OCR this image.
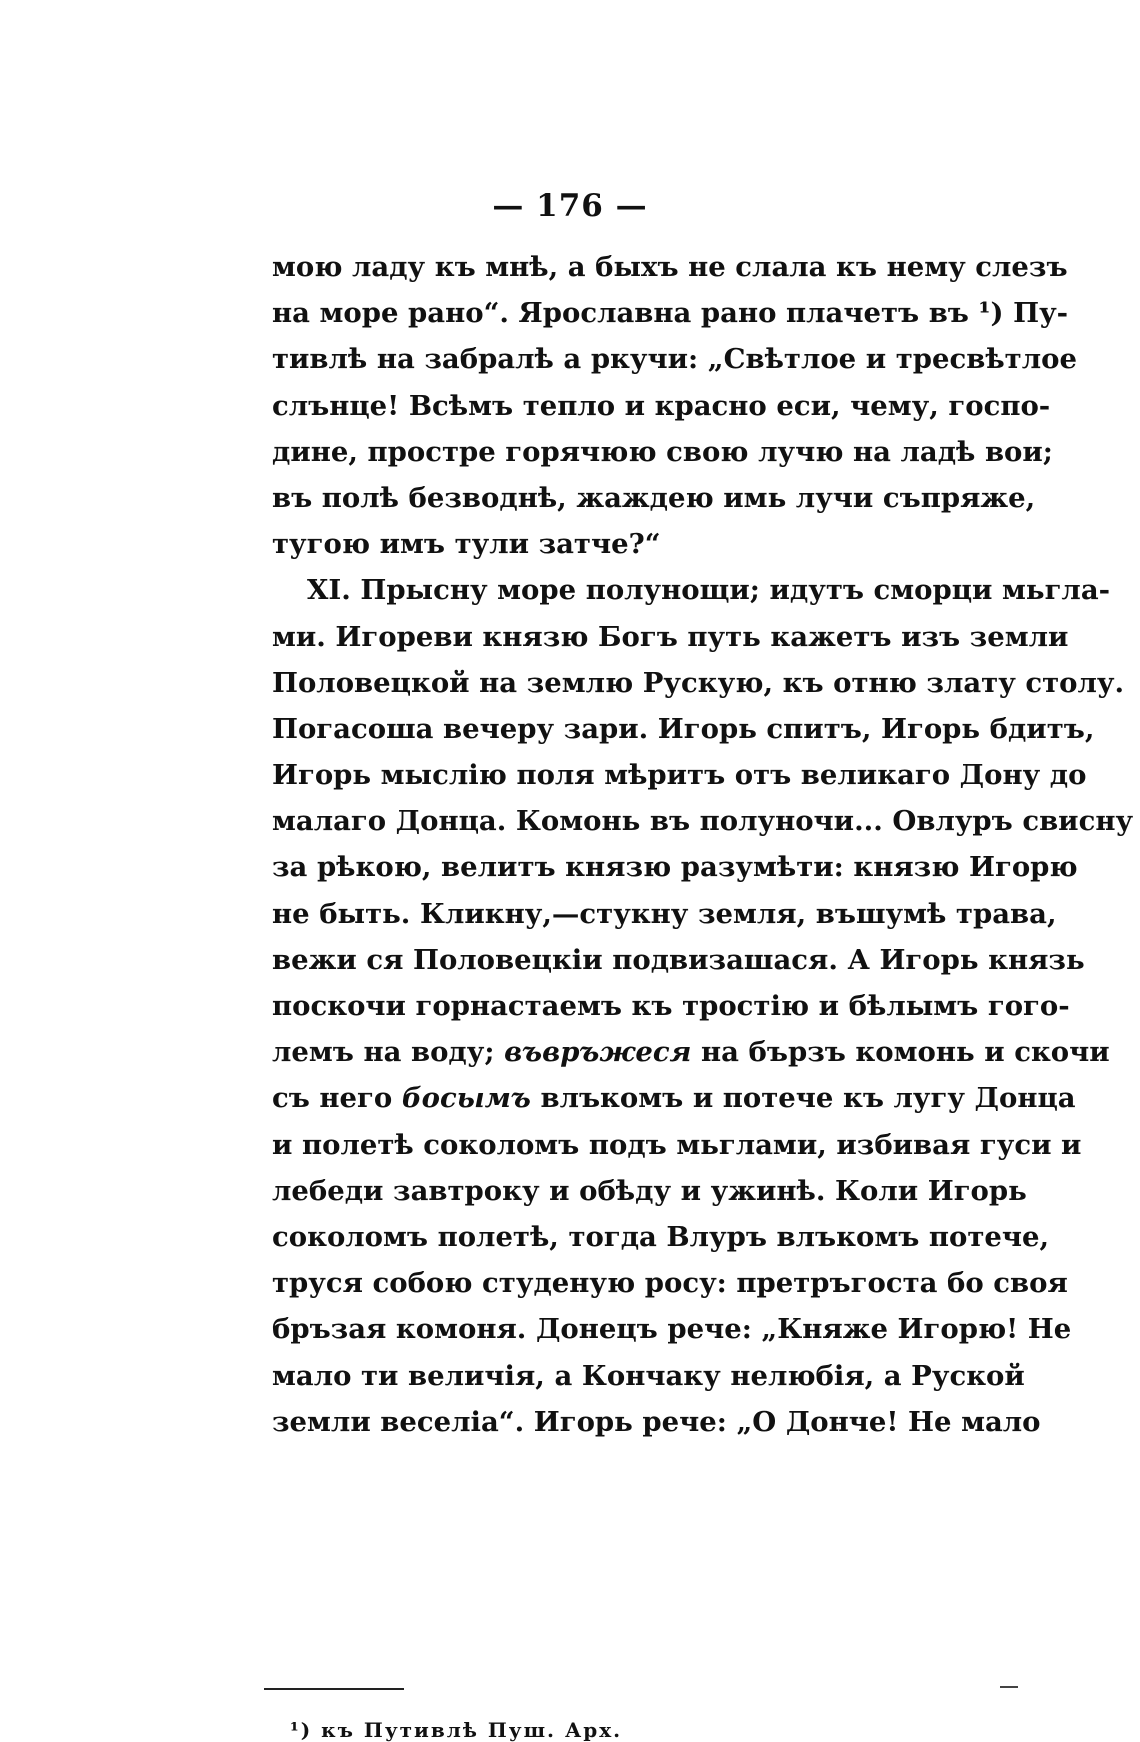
— 176 —
мою ладу къ мнѣ, а быхъ не слала къ нему слезъ
на море рано“. Ярославна рано плачетъ въ ¹) Пу-
тивлѣ на забралѣ а ркучи: „Свѣтлое и тресвѣтлое
слънце! Всѣмъ тепло и красно еси, чему, госпо-
дине, простре горячюю свою лучю на ладѣ вои;
въ полѣ безводнѣ, жаждею имь лучи съпряже,
тугою имъ тули затче?“
XI. Прысну море полунощи; идутъ сморци мьгла-
ми. Игореви князю Богъ путь кажетъ изъ земли
Половецкой на землю Рускую, къ отню злату столу.
Погасоша вечеру зари. Игорь спитъ, Игорь бдитъ,
Игорь мыслію поля мѣритъ отъ великаго Дону до
малаго Донца. Комонь въ полуночи... Овлуръ свисну
за рѣкою, велитъ князю разумѣти: князю Игорю
не быть. Кликну,—стукну земля, въшумѣ трава,
вежи ся Половецкіи подвизашася. А Игорь князь
поскочи горнастаемъ къ тростію и бѣлымъ гого-
лемъ на воду; въвръжеся на бързъ комонь и скочи
съ него босымъ влъкомъ и потече къ лугу Донца
и полетѣ соколомъ подъ мьглами, избивая гуси и
лебеди завтроку и обѣду и ужинѣ. Коли Игорь
соколомъ полетѣ, тогда Влуръ влъкомъ потече,
труся собою студеную росу: претръгоста бо своя
бръзая комоня. Донецъ рече: „Княже Игорю! Не
мало ти величія, а Кончаку нелюбія, а Руской
земли веселіа“. Игорь рече: „О Донче! Не мало
¹) къ Путивлѣ Пуш. Арх.
